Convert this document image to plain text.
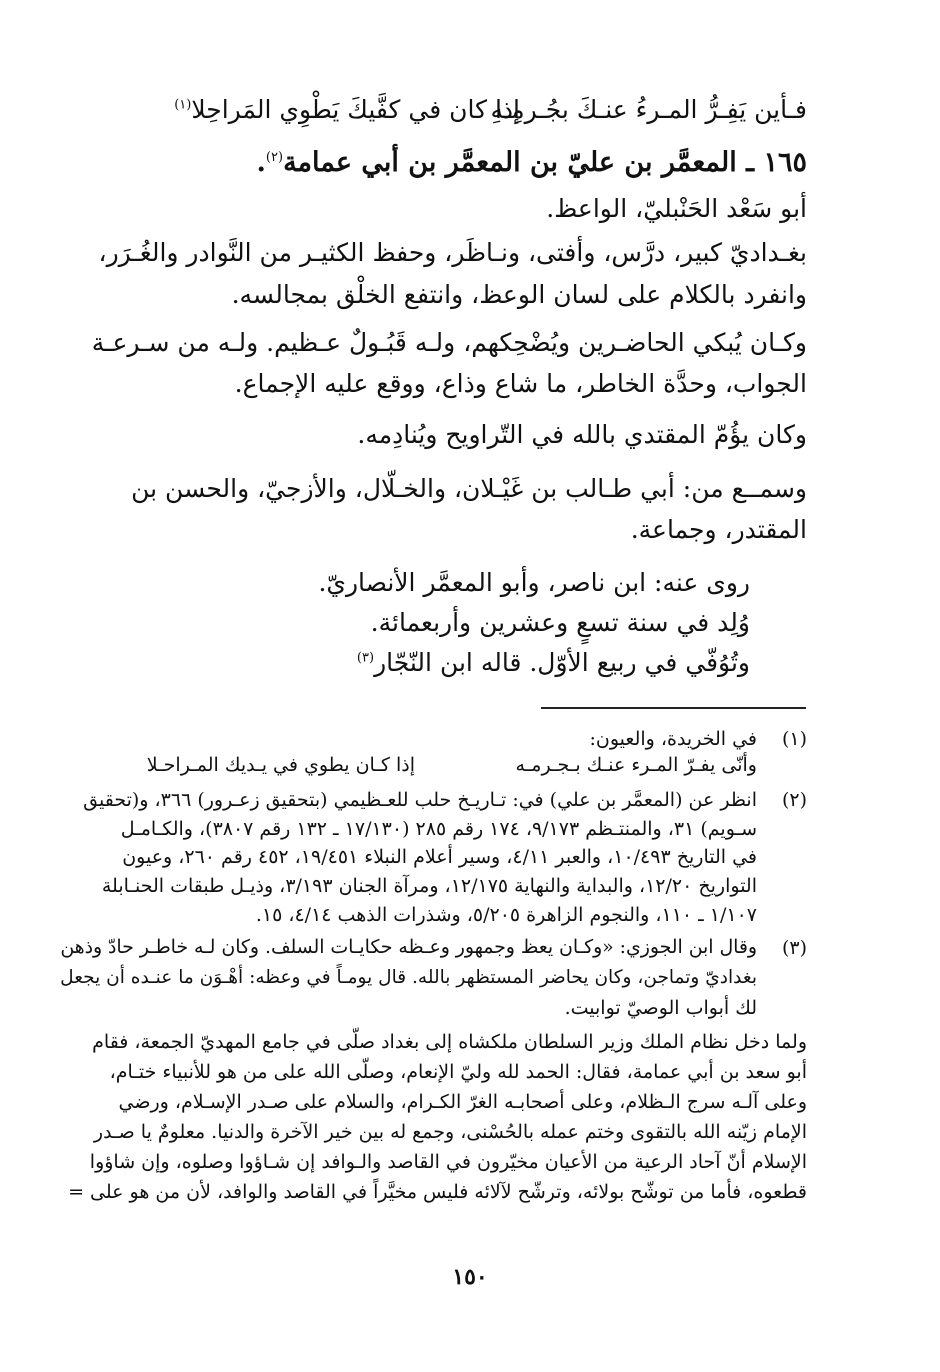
فـأين يَفِـرُّ المـرءُ عنـكَ بجُـرمِـهِ
إذا كان في كفَّيكَ يَطْوِي المَراحِلا$^{(١)}$
١٦٥ ـ المعمَّر بن عليّ بن المعمَّر بن أبي عمامة$^{(٢)}$.
أبو سَعْد الحَنْبليّ، الواعظ.
بغـداديّ كبير، درَّس، وأفتى، ونـاظَر، وحفظ الكثيـر من النَّوادر والغُـرَر،
وانفرد بالكلام على لسان الوعظ، وانتفع الخلْق بمجالسه.
وكـان يُبكي الحاضـرين ويُضْحِكهم، ولـه قَبُـولٌ عـظيم. ولـه من سـرعـة
الجواب، وحدَّة الخاطر، ما شاع وذاع، ووقع عليه الإجماع.
وكان يؤُمّ المقتدي بالله في التّراويح ويُنادِمه.
وسمــع من: أبي طـالب بن غَيْـلان، والخـلّال، والأزجيّ، والحسن بن
المقتدر، وجماعة.
روى عنه: ابن ناصر، وأبو المعمَّر الأنصاريّ.
وُلِد في سنة تسعٍ وعشرين وأربعمائة.
وتُوُفّي في ربيع الأوّل. قاله ابن النّجّار$^{(٣)}$
(١)
في الخريدة، والعيون:
وأنّى يفـرّ المـرء عنـك بـجـرمـه
إذا كـان يطوي في يـديك المـراحـلا
(٢)
انظر عن (المعمَّر بن علي) في: تـاريـخ حلب للعـظيمي (بتحقيق زعـرور) ٣٦٦، و(تحقيق
سـويم) ٣١، والمنتـظم ٩/١٧٣، ١٧٤ رقم ٢٨٥ (١٧/١٣٠ ـ ١٣٢ رقم ٣٨٠٧)، والكـامـل
في التاريخ ١٠/٤٩٣، والعبر ٤/١١، وسير أعلام النبلاء ١٩/٤٥١، ٤٥٢ رقم ٢٦٠، وعيون
التواريخ ١٢/٢٠، والبداية والنهاية ١٢/١٧٥، ومرآة الجنان ٣/١٩٣، وذيـل طبقات الحنـابلة
١/١٠٧ ـ ١١٠، والنجوم الزاهرة ٥/٢٠٥، وشذرات الذهب ٤/١٤، ١٥.
(٣)
وقال ابن الجوزي: «وكـان يعظ وجمهور وعـظه حكايـات السلف. وكان لـه خاطـر حادّ وذهن
بغداديّ وتماجن، وكان يحاضر المستظهر بالله. قال يومـاً في وعظه: أهْـوَن ما عنـده أن يجعل
لك أبواب الوصيّ توابيت.
ولما دخل نظام الملك وزير السلطان ملكشاه إلى بغداد صلّى في جامع المهديّ الجمعة، فقام
أبو سعد بن أبي عمامة، فقال: الحمد لله وليّ الإنعام، وصلّى الله على من هو للأنبياء ختـام،
وعلى آلـه سرج الـظلام، وعلى أصحابـه الغرّ الكـرام، والسلام على صـدر الإسـلام، ورضي
الإمام زيّنه الله بالتقوى وختم عمله بالحُسْنى، وجمع له بين خير الآخرة والدنيا. معلومٌ يا صـدر
الإسلام أنّ آحاد الرعية من الأعيان مخيّرون في القاصد والـوافد إن شـاؤوا وصلوه، وإن شاؤوا
قطعوه، فأما من توشّح بولائه، وترشّح لآلائه فليس مخيَّراً في القاصد والوافد، لأن من هو على =
١٥٠
